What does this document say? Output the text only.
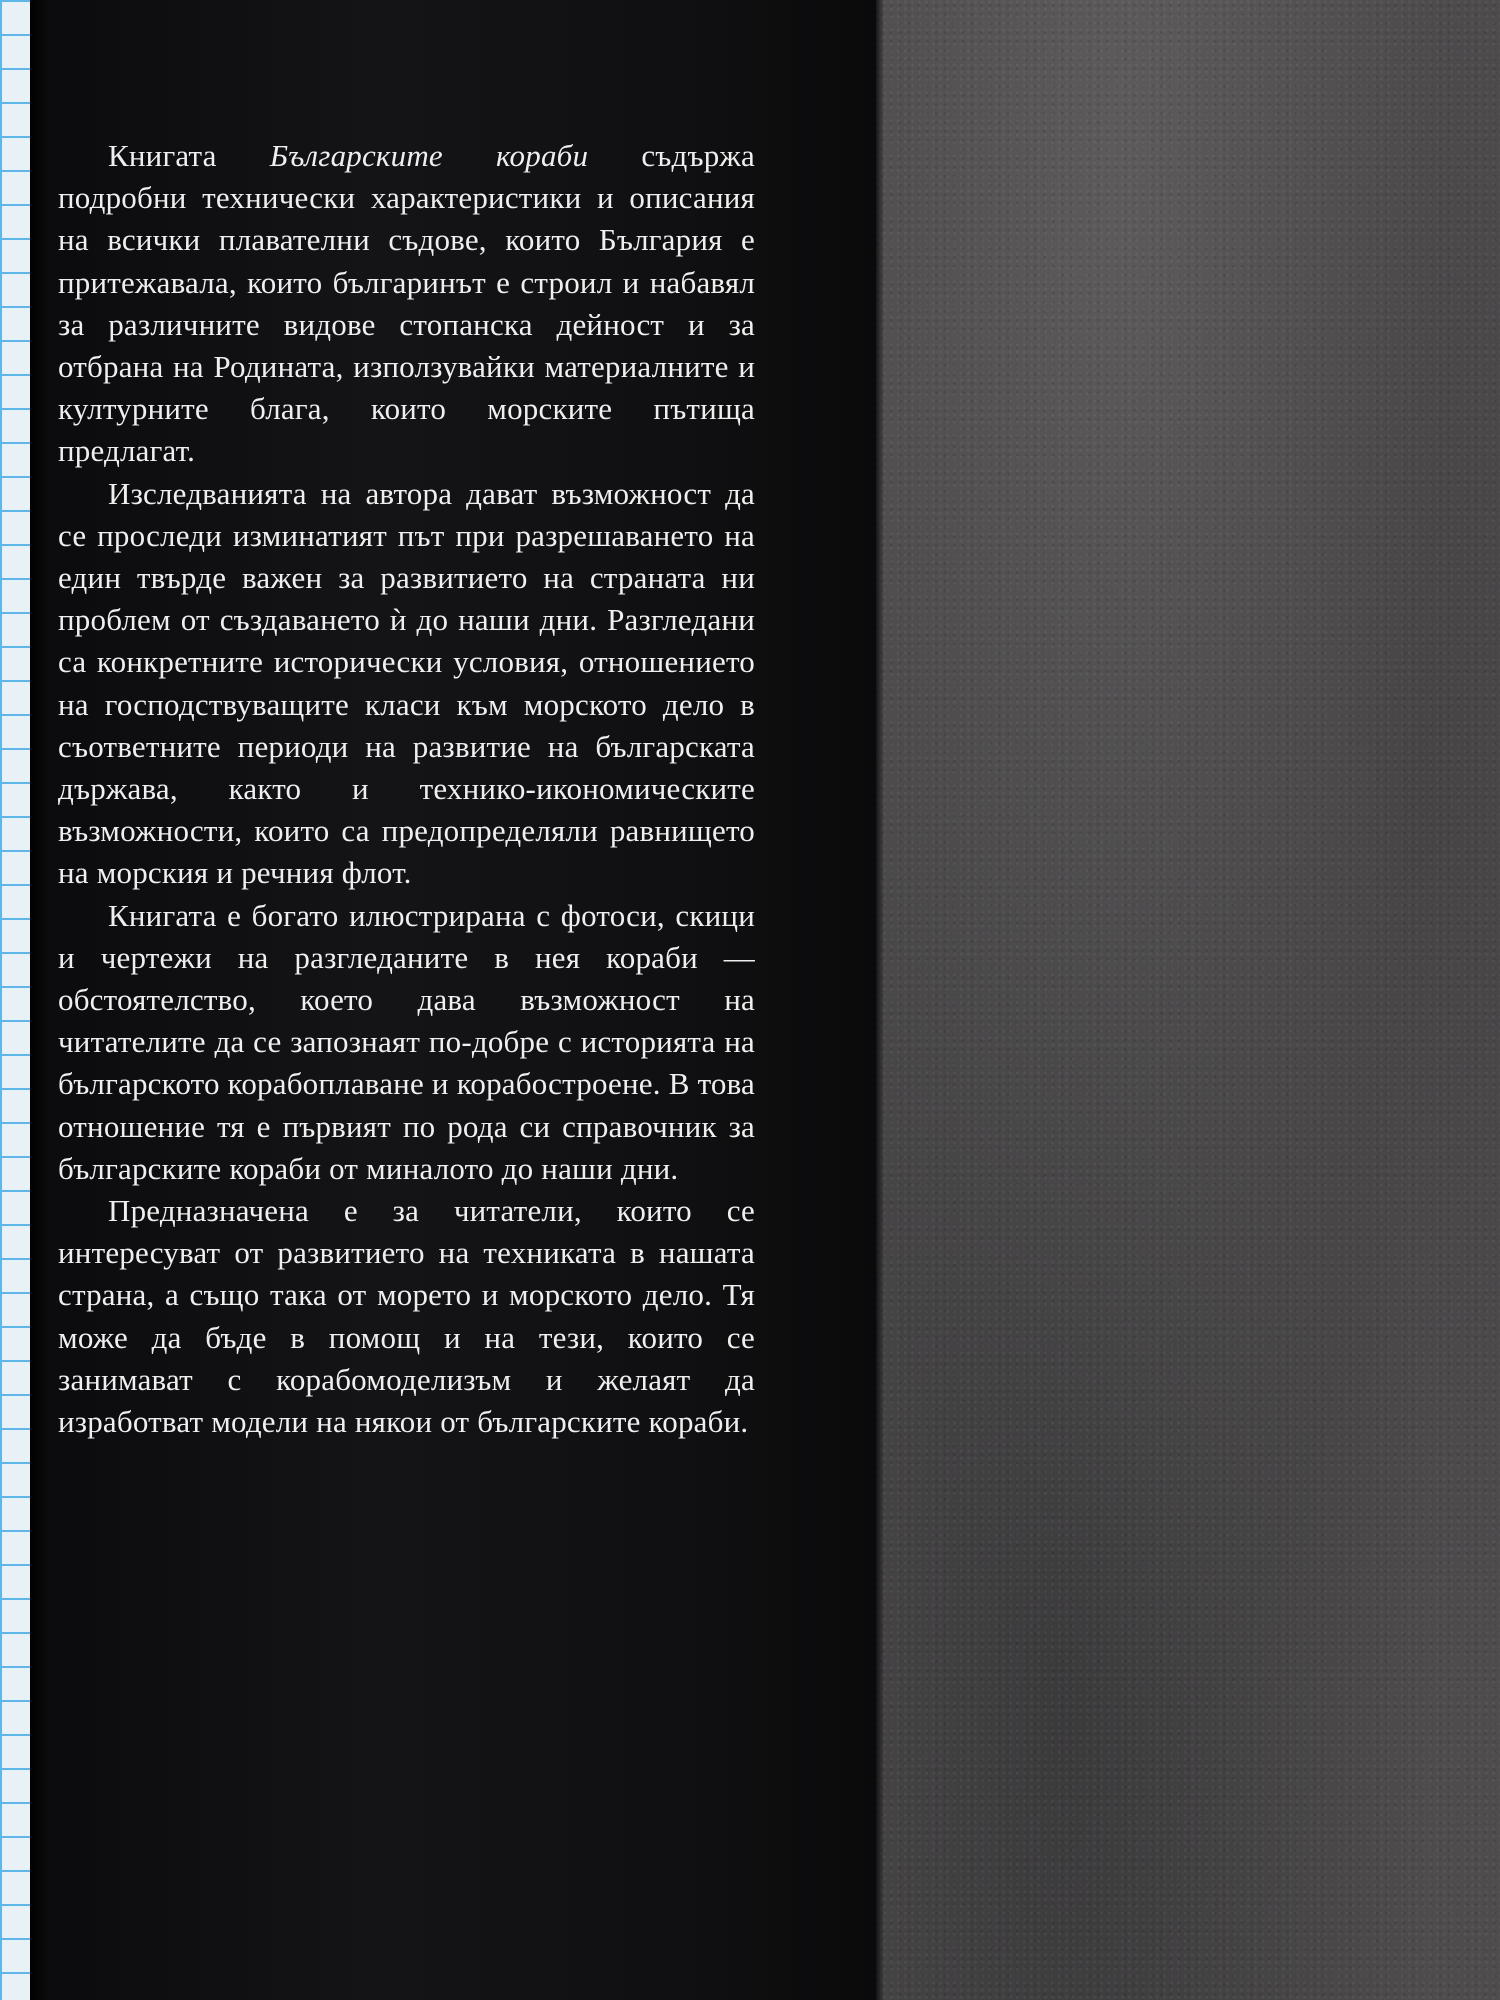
Книгата Българските кораби съдържа подробни технически характеристики и описания на всички плавателни съдове, които България е притежавала, които българинът е строил и набавял за различните видове стопанска дейност и за отбрана на Родината, използувайки материалните и културните блага, които морските пътища предлагат.

Изследванията на автора дават възможност да се проследи изминатият път при разрешаването на един твърде важен за развитието на страната ни проблем от създаването ѝ до наши дни. Разгледани са конкретните исторически условия, отношението на господствуващите класи към морското дело в съответните периоди на развитие на българската държава, както и технико-икономическите възможности, които са предопределяли равнището на морския и речния флот.

Книгата е богато илюстрирана с фотоси, скици и чертежи на разгледаните в нея кораби — обстоятелство, което дава възможност на читателите да се запознаят по-добре с историята на българското корабоплаване и корабостроене. В това отношение тя е първият по рода си справочник за българските кораби от миналото до наши дни.

Предназначена е за читатели, които се интересуват от развитието на техниката в нашата страна, а също така от морето и морското дело. Тя може да бъде в помощ и на тези, които се занимават с корабомоделизъм и желаят да изработват модели на някои от българските кораби.
